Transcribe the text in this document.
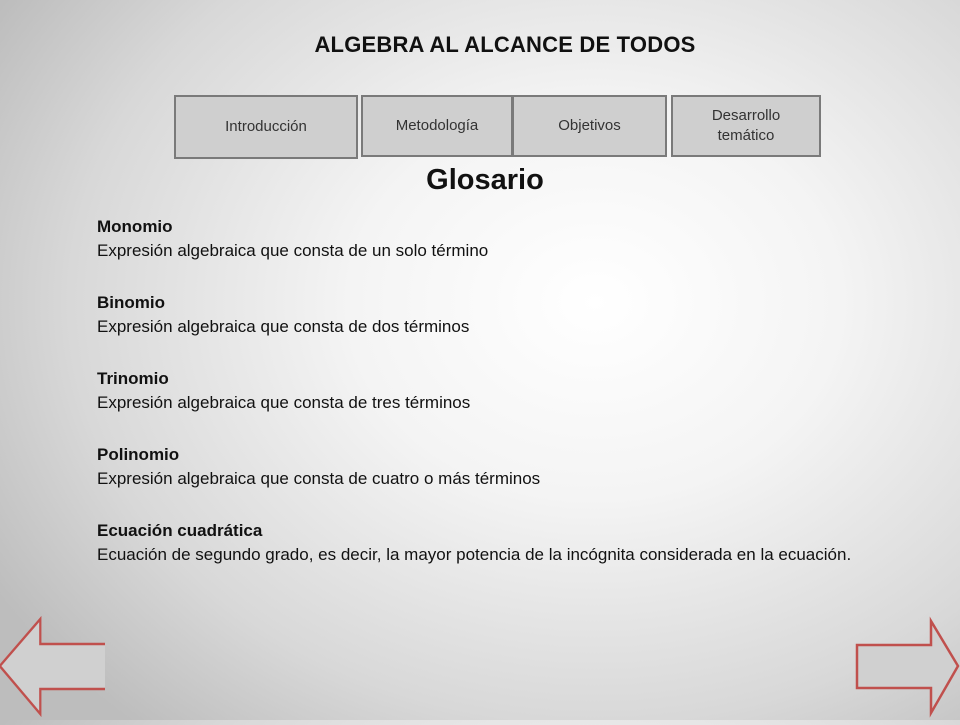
ALGEBRA AL ALCANCE DE TODOS
Introducción	Metodología	Objetivos
Desarrollo
temático
Glosario
Monomio
Expresión algebraica que consta de un solo término
Binomio
Expresión algebraica que consta de dos términos
Trinomio
Expresión algebraica que consta de tres términos
Polinomio
Expresión algebraica que consta de cuatro o más términos
Ecuación cuadrática
Ecuación de segundo grado, es decir, la mayor potencia de la incógnita considerada en la ecuación.
